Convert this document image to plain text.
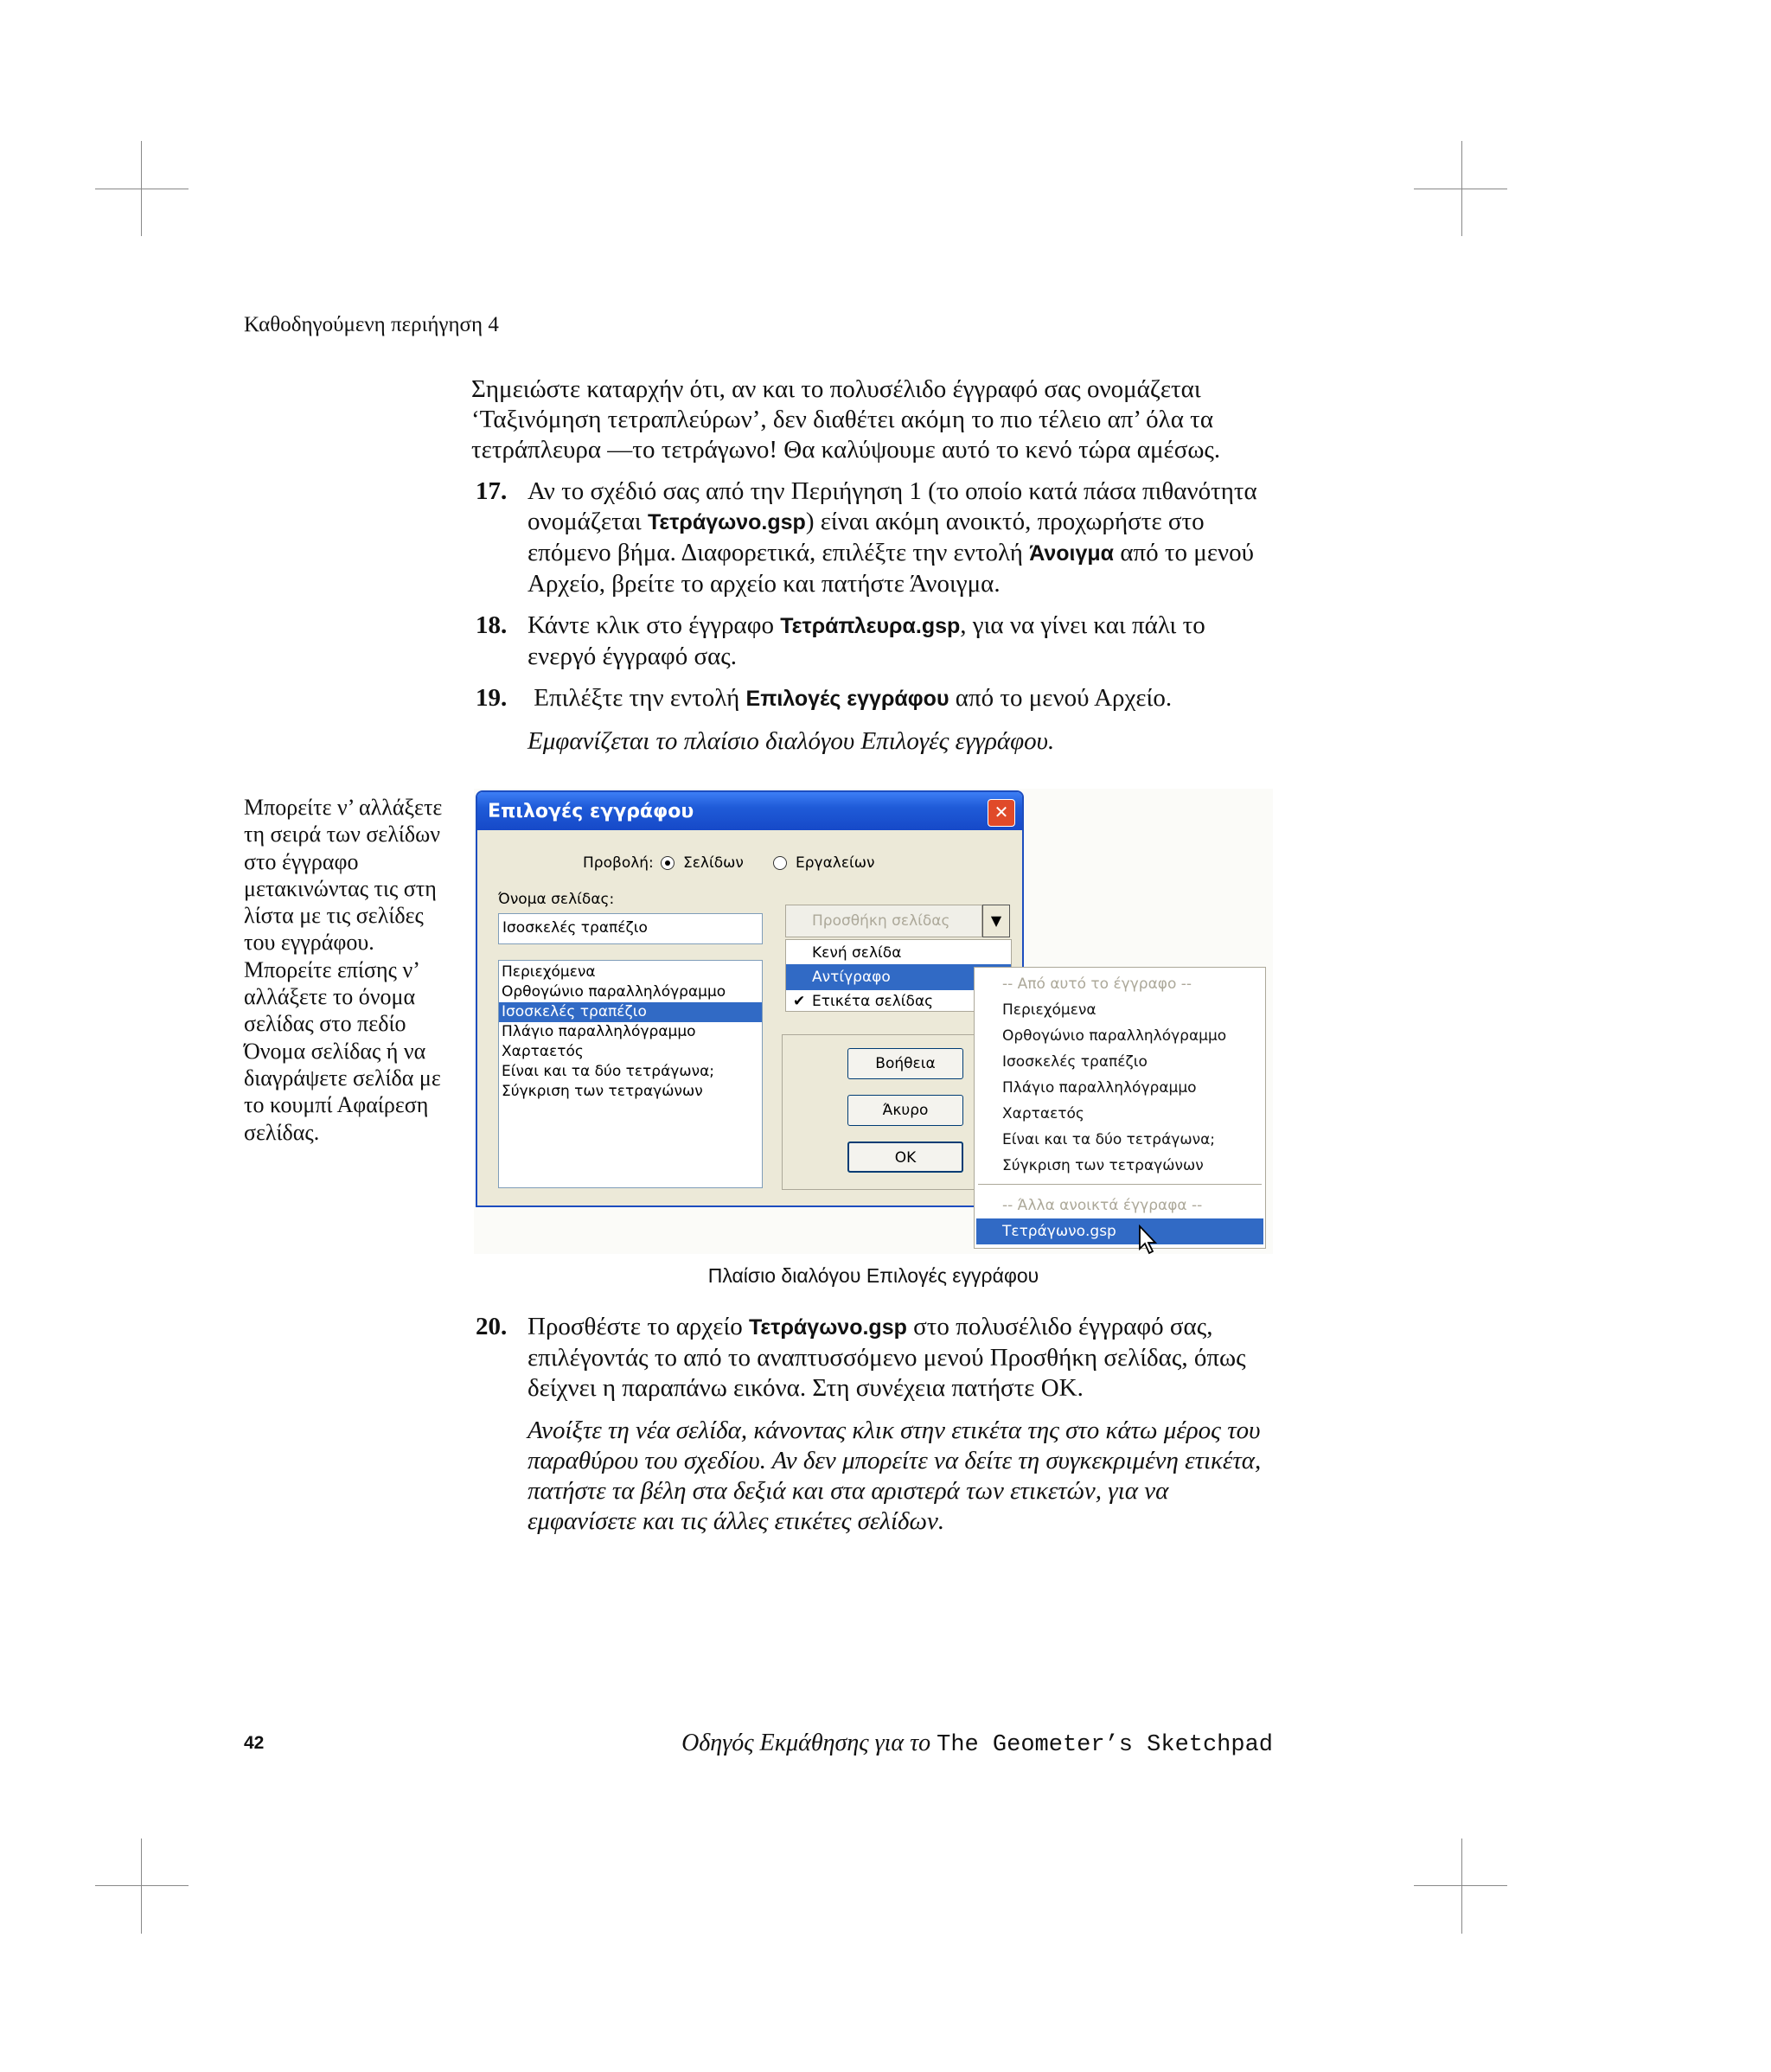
Καθοδηγούμενη περιήγηση 4
Σημειώστε καταρχήν ότι, αν και το πολυσέλιδο έγγραφό σας ονομάζεται ‘Ταξινόμηση τετραπλεύρων’, δεν διαθέτει ακόμη το πιο τέλειο απ’ όλα τα τετράπλευρα —το τετράγωνο! Θα καλύψουμε αυτό το κενό τώρα αμέσως.
17. Αν το σχέδιό σας από την Περιήγηση 1 (το οποίο κατά πάσα πιθανότητα ονομάζεται Τετράγωνο.gsp) είναι ακόμη ανοικτό, προχωρήστε στο επόμενο βήμα. Διαφορετικά, επιλέξτε την εντολή Άνοιγμα από το μενού Αρχείο, βρείτε το αρχείο και πατήστε Άνοιγμα.
18. Κάντε κλικ στο έγγραφο Τετράπλευρα.gsp, για να γίνει και πάλι το ενεργό έγγραφό σας.
19. Επιλέξτε την εντολή Επιλογές εγγράφου από το μενού Αρχείο.
Εμφανίζεται το πλαίσιο διαλόγου Επιλογές εγγράφου.
Μπορείτε ν’ αλλάξετε τη σειρά των σελίδων στο έγγραφο μετακινώντας τις στη λίστα με τις σελίδες του εγγράφου. Μπορείτε επίσης ν’ αλλάξετε το όνομα σελίδας στο πεδίο Όνομα σελίδας ή να διαγράψετε σελίδα με το κουμπί Αφαίρεση σελίδας.
Επιλογές εγγράφου	✕
Προβολή: Σελίδων	Εργαλείων
Όνομα σελίδας:
Ισοσκελές τραπέζιο
Περιεχόμενα
Ορθογώνιο παραλληλόγραμμο
Ισοσκελές τραπέζιο
Πλάγιο παραλληλόγραμμο
Χαρταετός
Είναι και τα δύο τετράγωνα;
Σύγκριση των τετραγώνων
Βοήθεια
Άκυρο
OK
Προσθήκη σελίδας	▼
Κενή σελίδα
Αντίγραφο
✔ Ετικέτα σελίδας
-- Από αυτό το έγγραφο --
Περιεχόμενα
Ορθογώνιο παραλληλόγραμμο
Ισοσκελές τραπέζιο
Πλάγιο παραλληλόγραμμο
Χαρταετός
Είναι και τα δύο τετράγωνα;
Σύγκριση των τετραγώνων
-- Άλλα ανοικτά έγγραφα --
Τετράγωνο.gsp
Πλαίσιο διαλόγου Επιλογές εγγράφου
20. Προσθέστε το αρχείο Τετράγωνο.gsp στο πολυσέλιδο έγγραφό σας, επιλέγοντάς το από το αναπτυσσόμενο μενού Προσθήκη σελίδας, όπως δείχνει η παραπάνω εικόνα. Στη συνέχεια πατήστε ΟΚ.
Ανοίξτε τη νέα σελίδα, κάνοντας κλικ στην ετικέτα της στο κάτω μέρος του παραθύρου του σχεδίου. Αν δεν μπορείτε να δείτε τη συγκεκριμένη ετικέτα, πατήστε τα βέλη στα δεξιά και στα αριστερά των ετικετών, για να εμφανίσετε και τις άλλες ετικέτες σελίδων.
42	Οδηγός Εκμάθησης για το The Geometer’s Sketchpad
